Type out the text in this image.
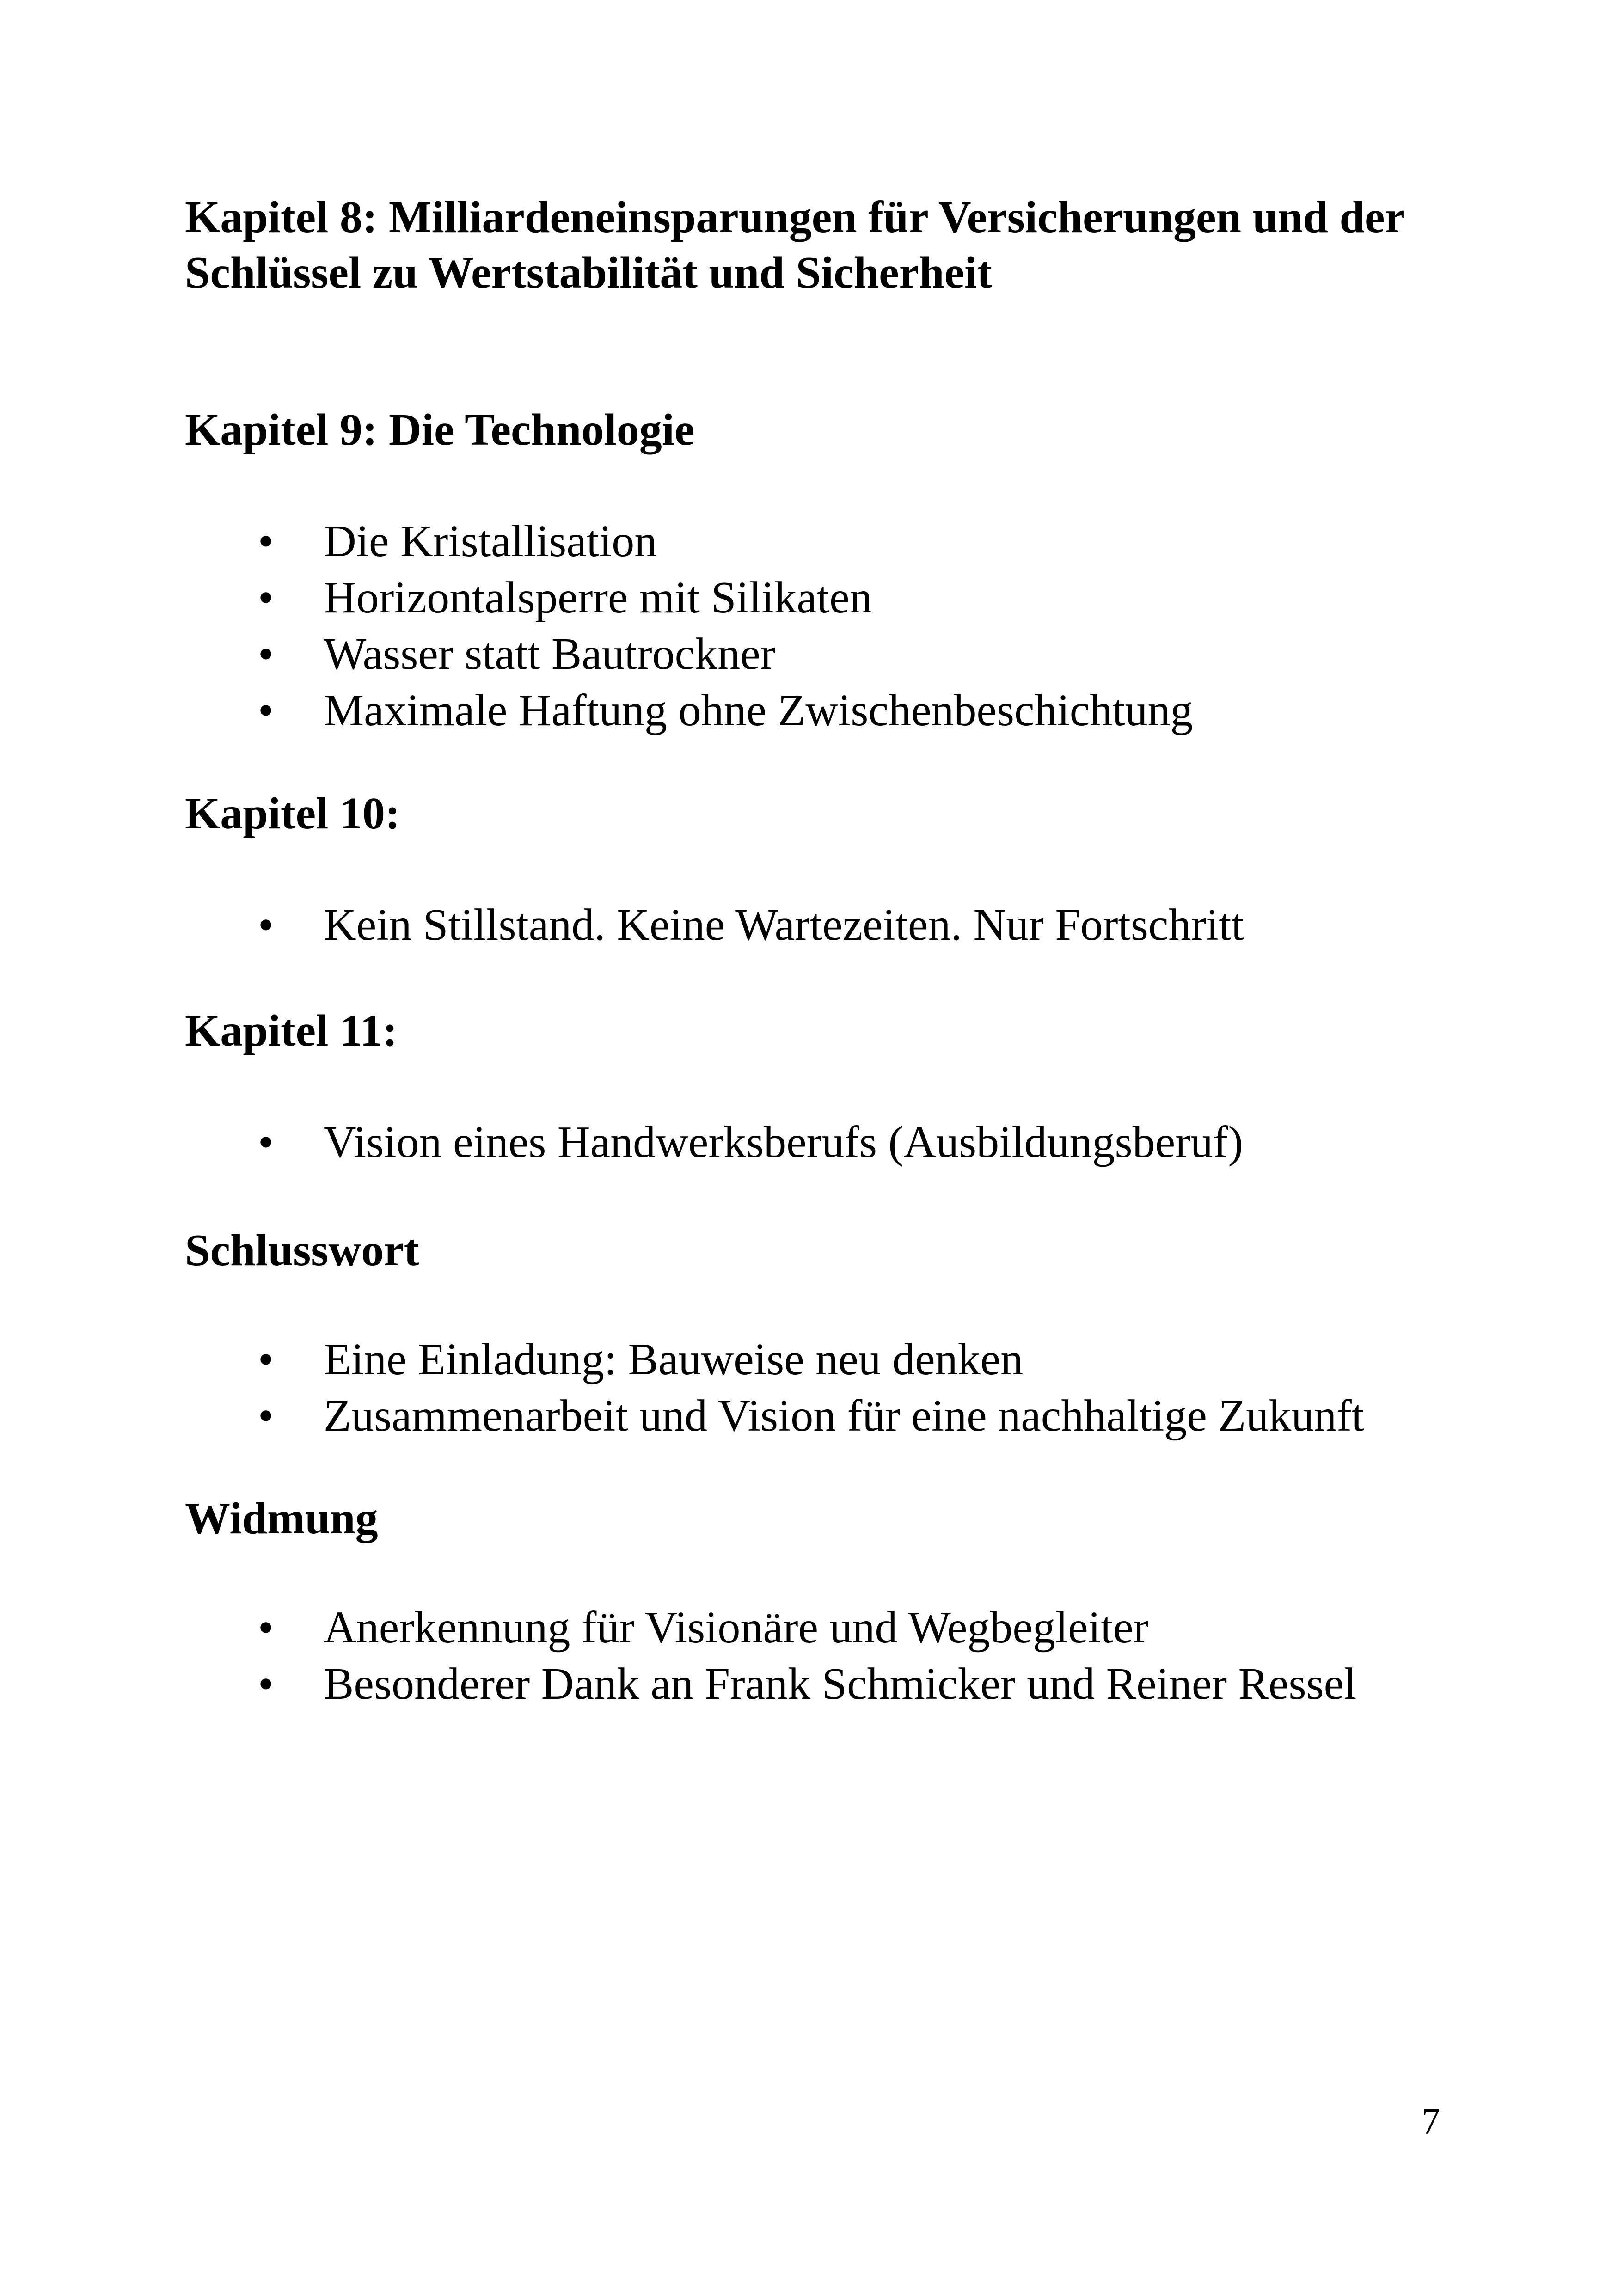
Kapitel 8: Milliardeneinsparungen für Versicherungen und der

Schlüssel zu Wertstabilität und Sicherheit

Kapitel 9: Die Technologie

• Die Kristallisation
• Horizontalsperre mit Silikaten
• Wasser statt Bautrockner
• Maximale Haftung ohne Zwischenbeschichtung

Kapitel 10:

• Kein Stillstand. Keine Wartezeiten. Nur Fortschritt

Kapitel 11:

• Vision eines Handwerksberufs (Ausbildungsberuf)

Schlusswort

• Eine Einladung: Bauweise neu denken
• Zusammenarbeit und Vision für eine nachhaltige Zukunft

Widmung

• Anerkennung für Visionäre und Wegbegleiter
• Besonderer Dank an Frank Schmicker und Reiner Ressel
7
